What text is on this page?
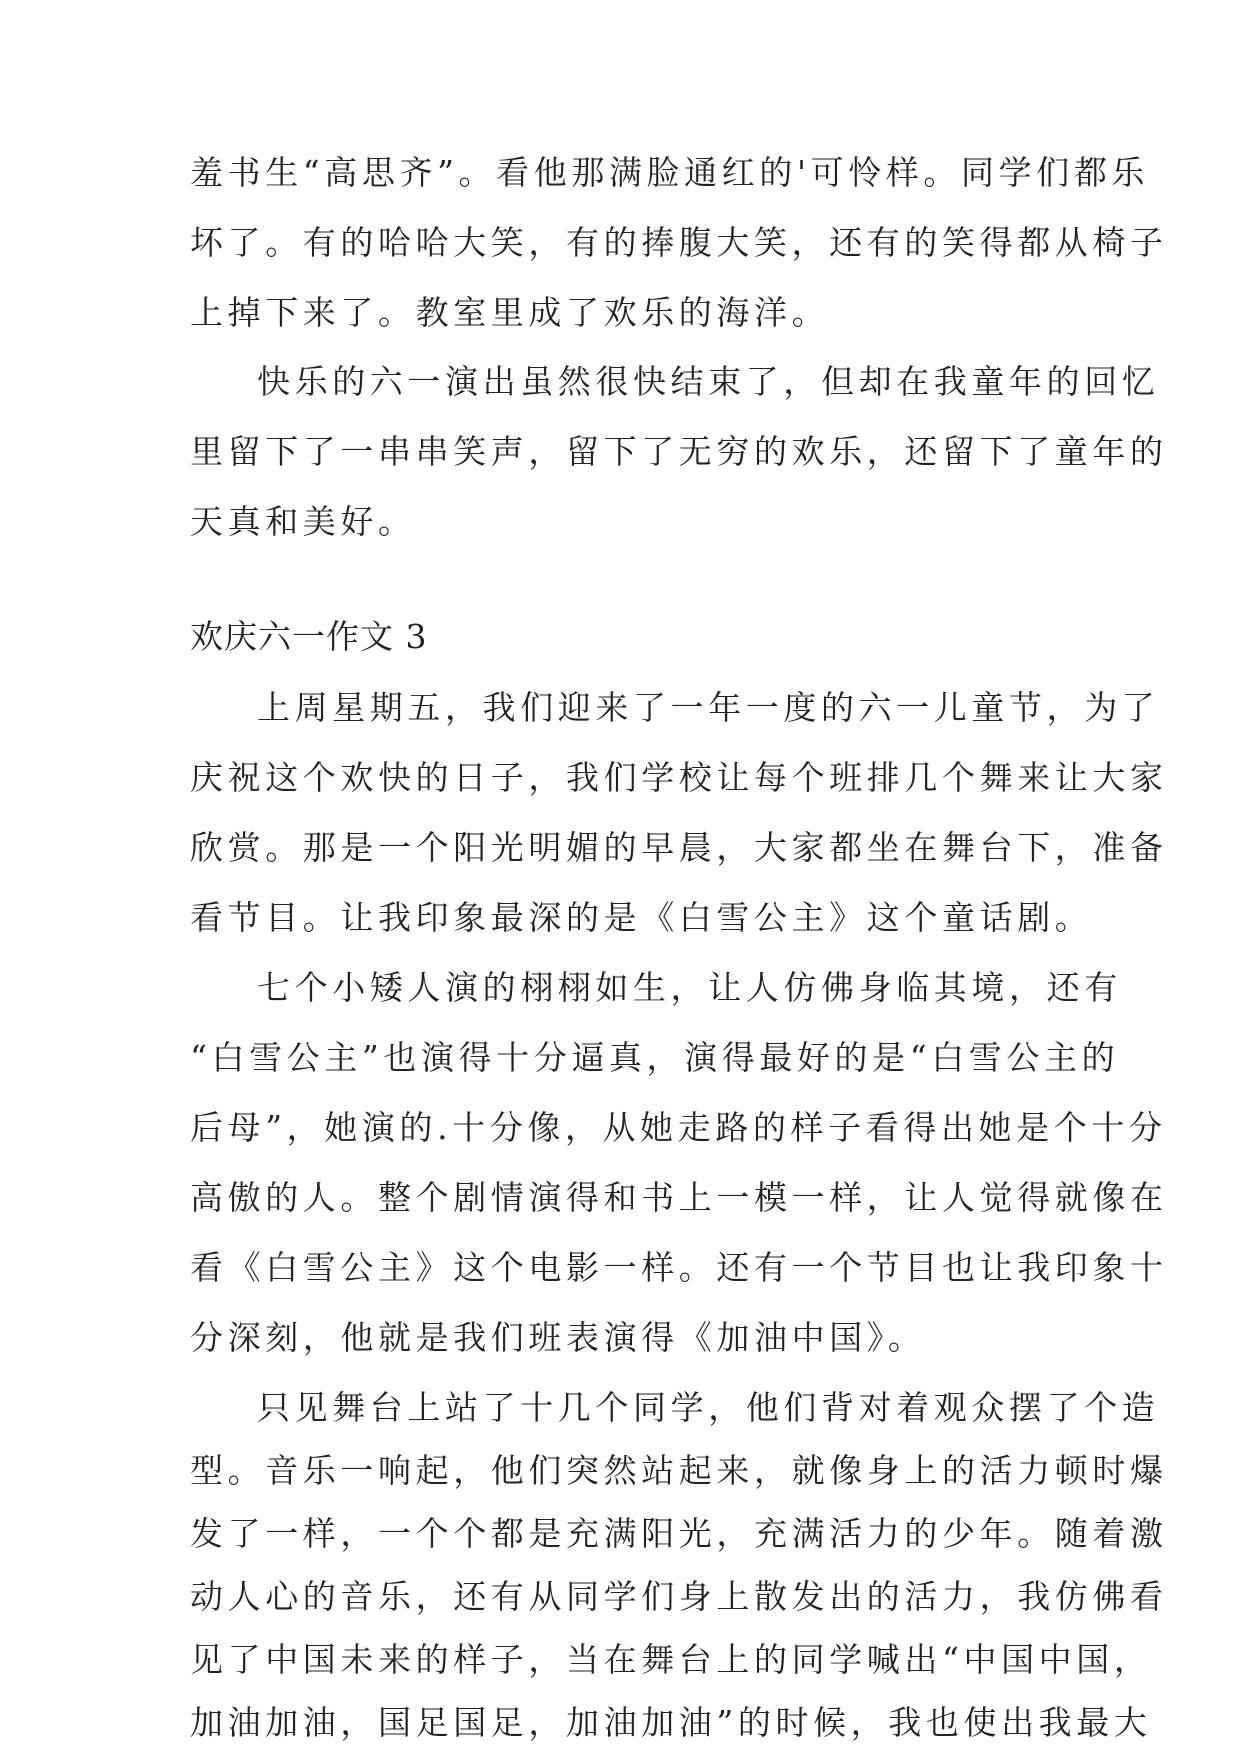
羞书生“高思齐”。看他那满脸通红的'可怜样。同学们都乐
坏了。有的哈哈大笑，有的捧腹大笑，还有的笑得都从椅子
上掉下来了。教室里成了欢乐的海洋。
快乐的六一演出虽然很快结束了，但却在我童年的回忆
里留下了一串串笑声，留下了无穷的欢乐，还留下了童年的
天真和美好。
欢庆六一作文 3
上周星期五，我们迎来了一年一度的六一儿童节，为了
庆祝这个欢快的日子，我们学校让每个班排几个舞来让大家
欣赏。那是一个阳光明媚的早晨，大家都坐在舞台下，准备
看节目。让我印象最深的是《白雪公主》这个童话剧。
七个小矮人演的栩栩如生，让人仿佛身临其境，还有
“白雪公主”也演得十分逼真，演得最好的是“白雪公主的
后母”，她演的.十分像，从她走路的样子看得出她是个十分
高傲的人。整个剧情演得和书上一模一样，让人觉得就像在
看《白雪公主》这个电影一样。还有一个节目也让我印象十
分深刻，他就是我们班表演得《加油中国》。
只见舞台上站了十几个同学，他们背对着观众摆了个造
型。音乐一响起，他们突然站起来，就像身上的活力顿时爆
发了一样，一个个都是充满阳光，充满活力的少年。随着激
动人心的音乐，还有从同学们身上散发出的活力，我仿佛看
见了中国未来的样子，当在舞台上的同学喊出“中国中国，
加油加油，国足国足，加油加油”的时候，我也使出我最大
